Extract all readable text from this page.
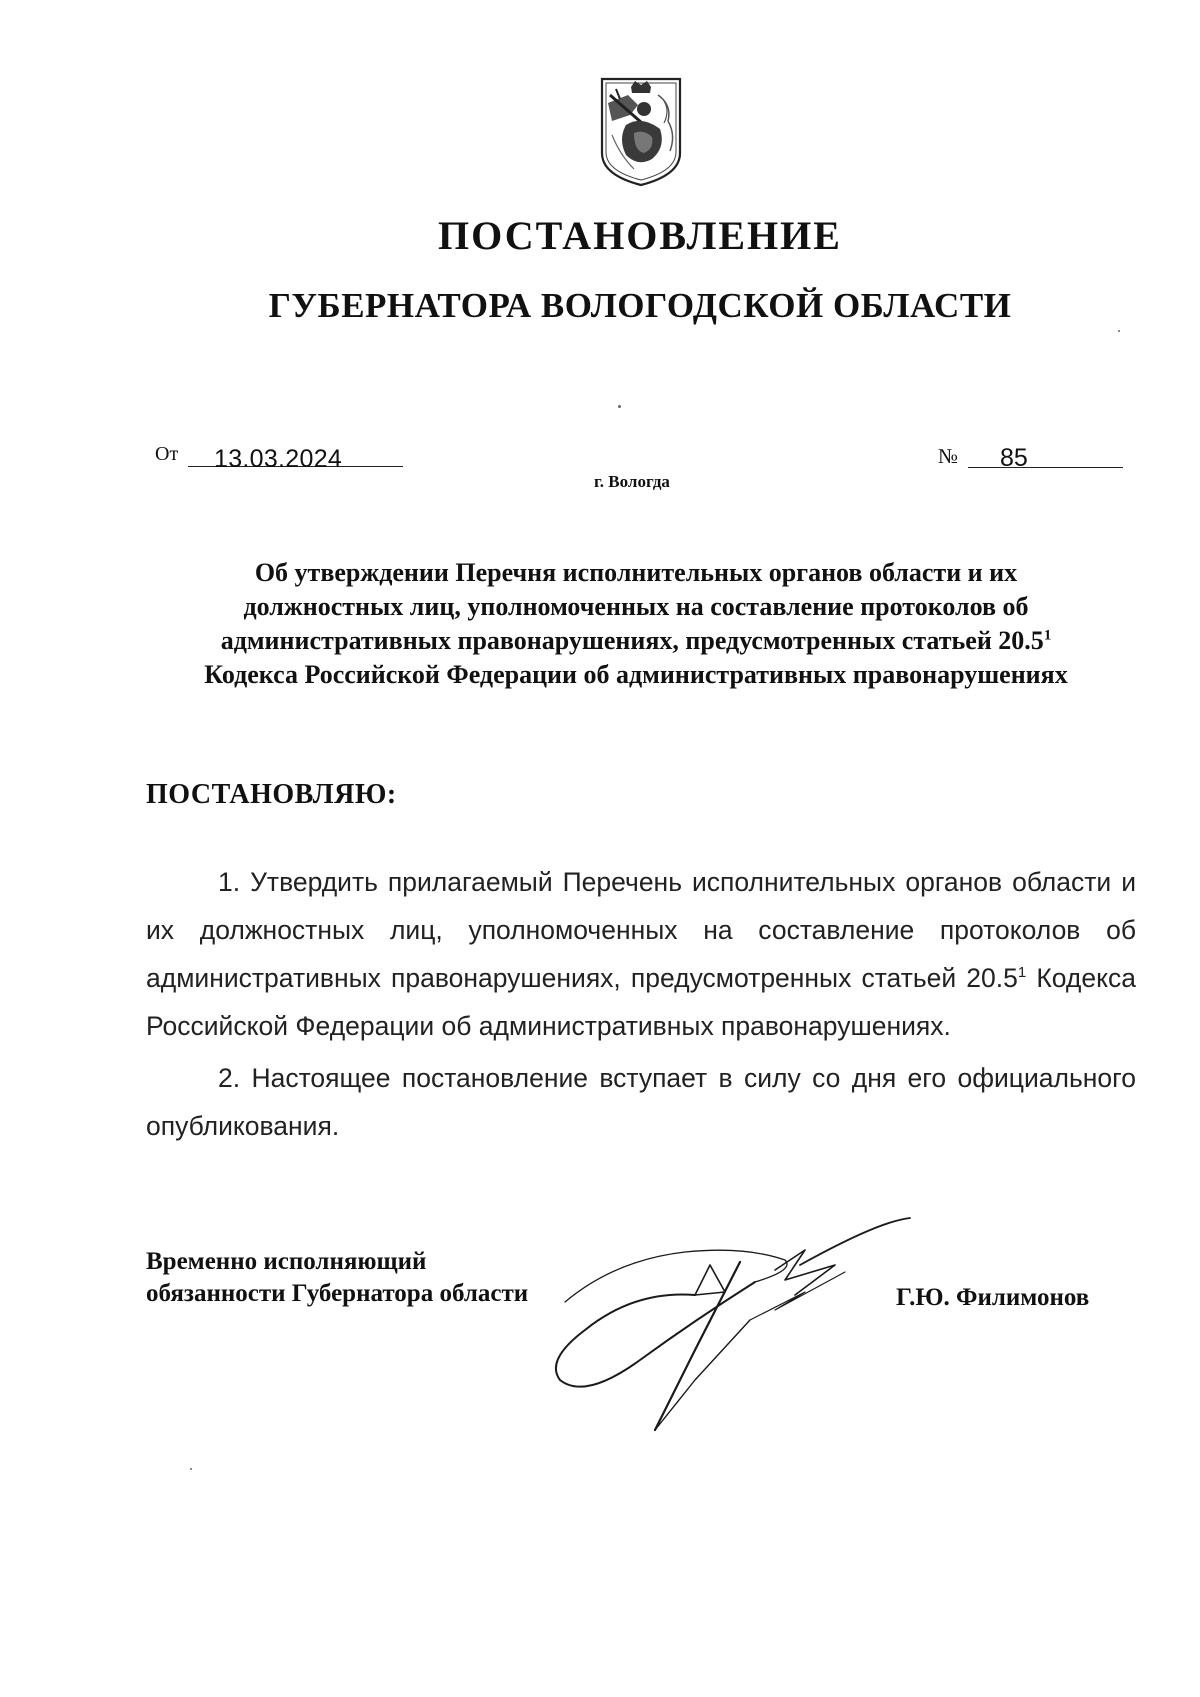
ПОСТАНОВЛЕНИЕ
ГУБЕРНАТОРА ВОЛОГОДСКОЙ ОБЛАСТИ
От 13.03.2024	№ 85
г. Вологда
Об утверждении Перечня исполнительных органов области и их
должностных лиц, уполномоченных на составление протоколов об
административных правонарушениях, предусмотренных статьей 20.5$^1$
Кодекса Российской Федерации об административных правонарушениях
ПОСТАНОВЛЯЮ:
1. Утвердить прилагаемый Перечень исполнительных органов области и их должностных лиц, уполномоченных на составление протоколов об административных правонарушениях, предусмотренных статьей 20.5$^1$ Кодекса Российской Федерации об административных правонарушениях.
2. Настоящее постановление вступает в силу со дня его официального опубликования.
Временно исполняющий
обязанности Губернатора области	Г.Ю. Филимонов
